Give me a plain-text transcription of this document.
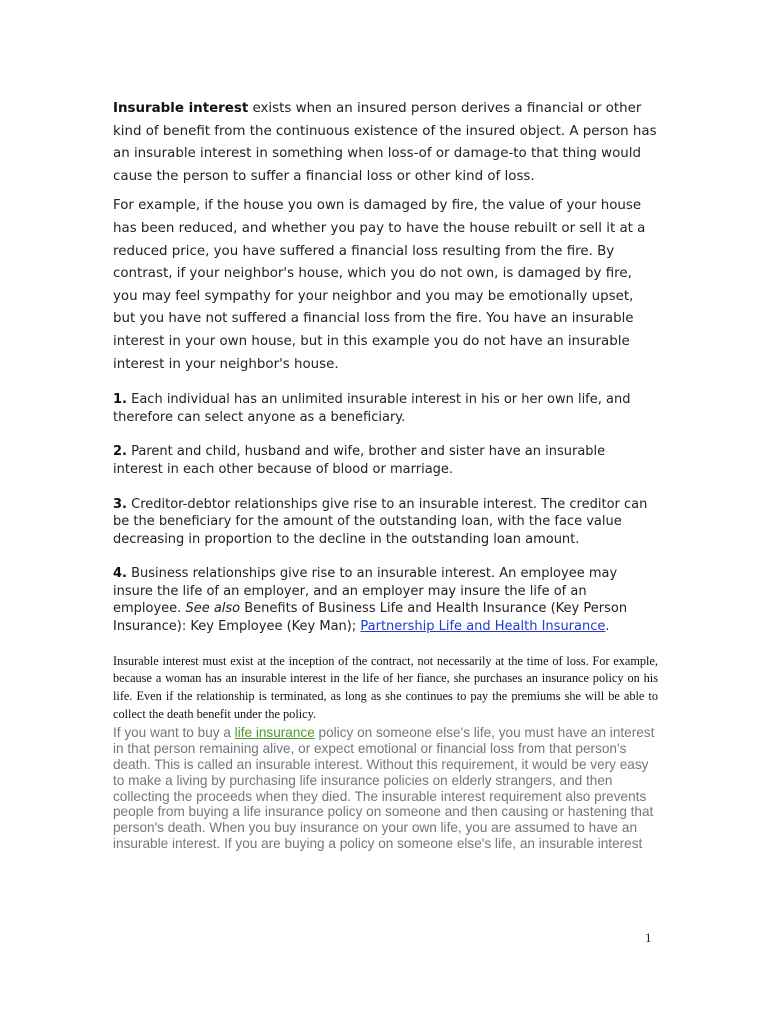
Insurable interest exists when an insured person derives a financial or other kind of benefit from the continuous existence of the insured object. A person has an insurable interest in something when loss-of or damage-to that thing would cause the person to suffer a financial loss or other kind of loss.

For example, if the house you own is damaged by fire, the value of your house has been reduced, and whether you pay to have the house rebuilt or sell it at a reduced price, you have suffered a financial loss resulting from the fire. By contrast, if your neighbor's house, which you do not own, is damaged by fire, you may feel sympathy for your neighbor and you may be emotionally upset, but you have not suffered a financial loss from the fire. You have an insurable interest in your own house, but in this example you do not have an insurable interest in your neighbor's house.

1. Each individual has an unlimited insurable interest in his or her own life, and therefore can select anyone as a beneficiary.

2. Parent and child, husband and wife, brother and sister have an insurable interest in each other because of blood or marriage.

3. Creditor-debtor relationships give rise to an insurable interest. The creditor can be the beneficiary for the amount of the outstanding loan, with the face value decreasing in proportion to the decline in the outstanding loan amount.

4. Business relationships give rise to an insurable interest. An employee may insure the life of an employer, and an employer may insure the life of an employee. See also Benefits of Business Life and Health Insurance (Key Person Insurance): Key Employee (Key Man); Partnership Life and Health Insurance.

Insurable interest must exist at the inception of the contract, not necessarily at the time of loss. For example, because a woman has an insurable interest in the life of her fiance, she purchases an insurance policy on his life. Even if the relationship is terminated, as long as she continues to pay the premiums she will be able to collect the death benefit under the policy.

If you want to buy a life insurance policy on someone else's life, you must have an interest in that person remaining alive, or expect emotional or financial loss from that person's death. This is called an insurable interest. Without this requirement, it would be very easy to make a living by purchasing life insurance policies on elderly strangers, and then collecting the proceeds when they died. The insurable interest requirement also prevents people from buying a life insurance policy on someone and then causing or hastening that person's death. When you buy insurance on your own life, you are assumed to have an insurable interest. If you are buying a policy on someone else's life, an insurable interest

1
